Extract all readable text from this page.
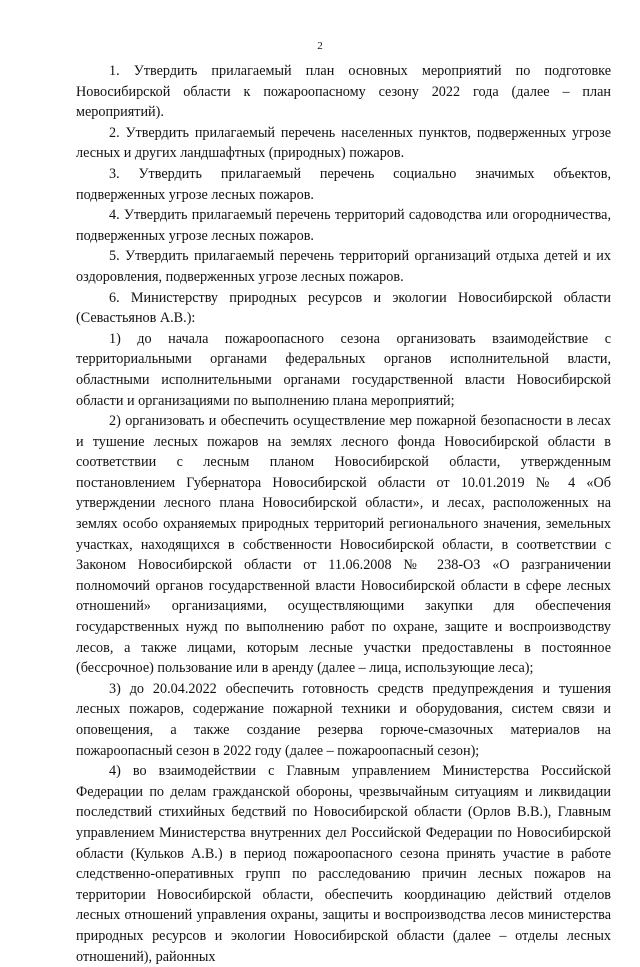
2

1. Утвердить прилагаемый план основных мероприятий по подготовке Новосибирской области к пожароопасному сезону 2022 года (далее – план мероприятий).

2. Утвердить прилагаемый перечень населенных пунктов, подверженных угрозе лесных и других ландшафтных (природных) пожаров.

3. Утвердить прилагаемый перечень социально значимых объектов, подверженных угрозе лесных пожаров.

4. Утвердить прилагаемый перечень территорий садоводства или огородничества, подверженных угрозе лесных пожаров.

5. Утвердить прилагаемый перечень территорий организаций отдыха детей и их оздоровления, подверженных угрозе лесных пожаров.

6. Министерству природных ресурсов и экологии Новосибирской области (Севастьянов А.В.):

1) до начала пожароопасного сезона организовать взаимодействие с территориальными органами федеральных органов исполнительной власти, областными исполнительными органами государственной власти Новосибирской области и организациями по выполнению плана мероприятий;

2) организовать и обеспечить осуществление мер пожарной безопасности в лесах и тушение лесных пожаров на землях лесного фонда Новосибирской области в соответствии с лесным планом Новосибирской области, утвержденным постановлением Губернатора Новосибирской области от 10.01.2019 № 4 «Об утверждении лесного плана Новосибирской области», и лесах, расположенных на землях особо охраняемых природных территорий регионального значения, земельных участках, находящихся в собственности Новосибирской области, в соответствии с Законом Новосибирской области от 11.06.2008 № 238-ОЗ «О разграничении полномочий органов государственной власти Новосибирской области в сфере лесных отношений» организациями, осуществляющими закупки для обеспечения государственных нужд по выполнению работ по охране, защите и воспроизводству лесов, а также лицами, которым лесные участки предоставлены в постоянное (бессрочное) пользование или в аренду (далее – лица, использующие леса);

3) до 20.04.2022 обеспечить готовность средств предупреждения и тушения лесных пожаров, содержание пожарной техники и оборудования, систем связи и оповещения, а также создание резерва горюче-смазочных материалов на пожароопасный сезон в 2022 году (далее – пожароопасный сезон);

4) во взаимодействии с Главным управлением Министерства Российской Федерации по делам гражданской обороны, чрезвычайным ситуациям и ликвидации последствий стихийных бедствий по Новосибирской области (Орлов В.В.), Главным управлением Министерства внутренних дел Российской Федерации по Новосибирской области (Кульков А.В.) в период пожароопасного сезона принять участие в работе следственно-оперативных групп по расследованию причин лесных пожаров на территории Новосибирской области, обеспечить координацию действий отделов лесных отношений управления охраны, защиты и воспроизводства лесов министерства природных ресурсов и экологии Новосибирской области (далее – отделы лесных отношений), районных
